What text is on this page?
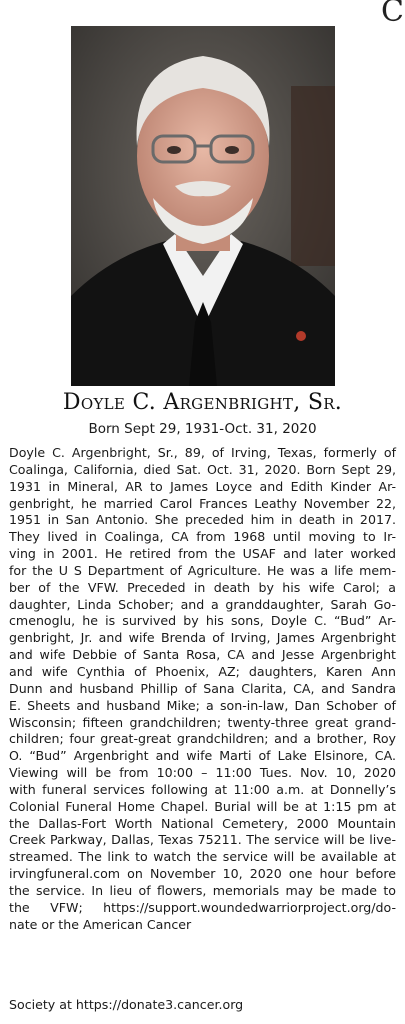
C
Doyle C. Argenbright, Sr.
Born Sept 29, 1931-Oct. 31, 2020
Doyle C. Argenbright, Sr., 89, of Irving, Texas, formerly of
Coalinga, California, died Sat. Oct. 31, 2020. Born Sept 29,
1931 in Mineral, AR to James Loyce and Edith Kinder Ar-
genbright, he married Carol Frances Leathy November 22,
1951 in San Antonio. She preceded him in death in 2017.
They lived in Coalinga, CA from 1968 until moving to Ir-
ving in 2001. He retired from the USAF and later worked
for the U S Department of Agriculture. He was a life mem-
ber of the VFW. Preceded in death by his wife Carol; a
daughter, Linda Schober; and a granddaughter, Sarah Go-
cmenoglu, he is survived by his sons, Doyle C. “Bud” Ar-
genbright, Jr. and wife Brenda of Irving, James Argenbright
and wife Debbie of Santa Rosa, CA and Jesse Argenbright
and wife Cynthia of Phoenix, AZ; daughters, Karen Ann
Dunn and husband Phillip of Sana Clarita, CA, and Sandra
E. Sheets and husband Mike; a son-in-law, Dan Schober of
Wisconsin; fifteen grandchildren; twenty-three great grand-
children; four great-great grandchildren; and a brother, Roy
O. “Bud” Argenbright and wife Marti of Lake Elsinore, CA.
Viewing will be from 10:00 – 11:00 Tues. Nov. 10, 2020
with funeral services following at 11:00 a.m. at Donnelly’s
Colonial Funeral Home Chapel. Burial will be at 1:15 pm at
the Dallas-Fort Worth National Cemetery, 2000 Mountain
Creek Parkway, Dallas, Texas 75211. The service will be live-
streamed. The link to watch the service will be available at
irvingfuneral.com on November 10, 2020 one hour before
the service. In lieu of flowers, memorials may be made to
the VFW; https://support.woundedwarriorproject.org/do-
nate or the American Cancer
Society at https://donate3.cancer.org
